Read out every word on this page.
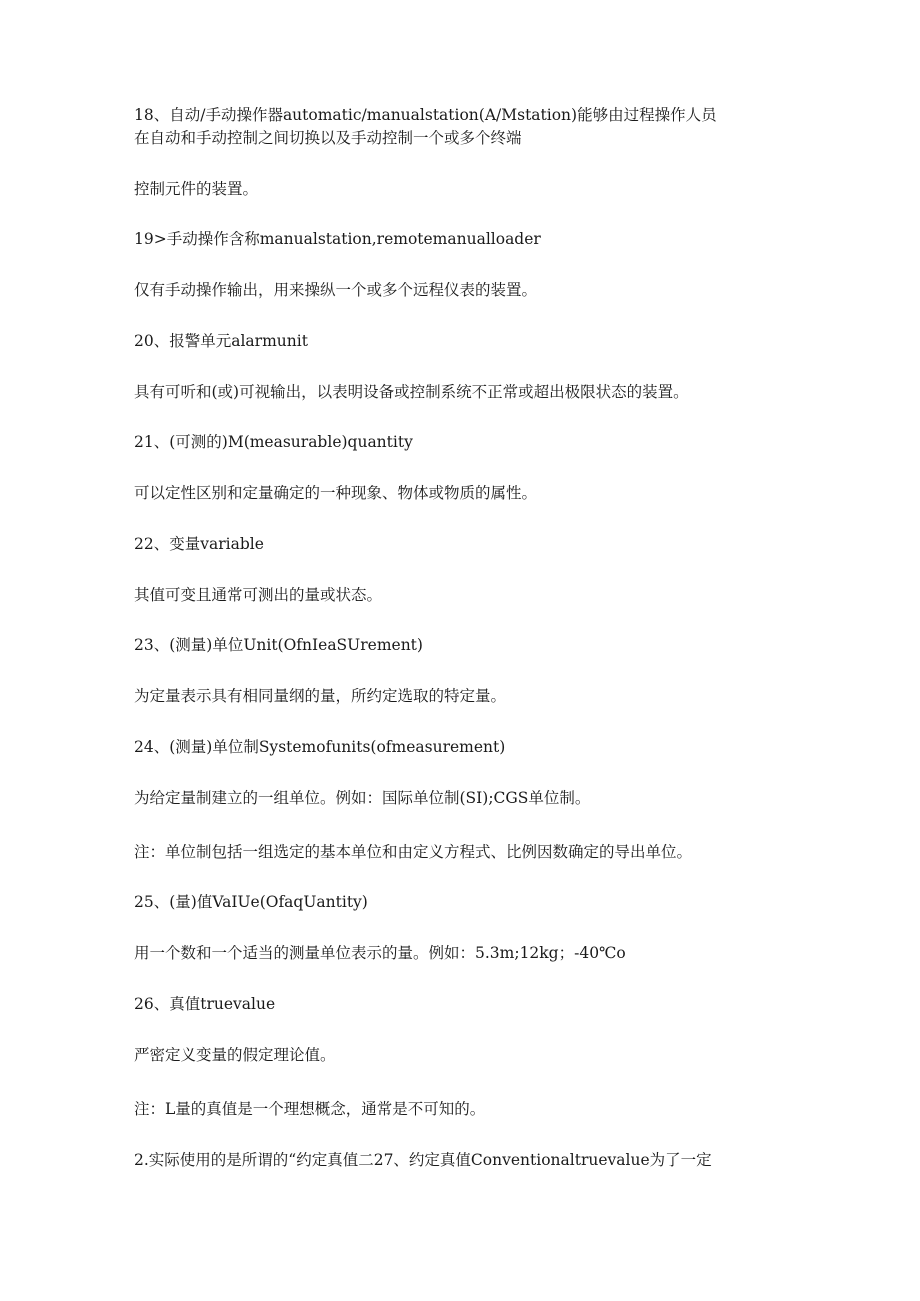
18、自动/手动操作器automatic/manualstation(A/Mstation)能够由过程操作人员

在自动和手动控制之间切换以及手动控制一个或多个终端

控制元件的装置。

19>手动操作含称manualstation,remotemanualloader

仅有手动操作输出，用来操纵一个或多个远程仪表的装置。

20、报警单元alarmunit

具有可听和(或)可视输出，以表明设备或控制系统不正常或超出极限状态的装置。

21、(可测的)M(measurable)quantity

可以定性区别和定量确定的一种现象、物体或物质的属性。

22、变量variable

其值可变且通常可测出的量或状态。

23、(测量)单位Unit(OfnIeaSUrement)

为定量表示具有相同量纲的量，所约定选取的特定量。

24、(测量)单位制Systemofunits(ofmeasurement)

为给定量制建立的一组单位。例如：国际单位制(SI);CGS单位制。

注：单位制包括一组选定的基本单位和由定义方程式、比例因数确定的导出单位。

25、(量)值VaIUe(OfaqUantity)

用一个数和一个适当的测量单位表示的量。例如：5.3m;12kg；-40℃o

26、真值truevalue

严密定义变量的假定理论值。

注：L量的真值是一个理想概念，通常是不可知的。

2.实际使用的是所谓的“约定真值二27、约定真值Conventionaltruevalue为了一定
